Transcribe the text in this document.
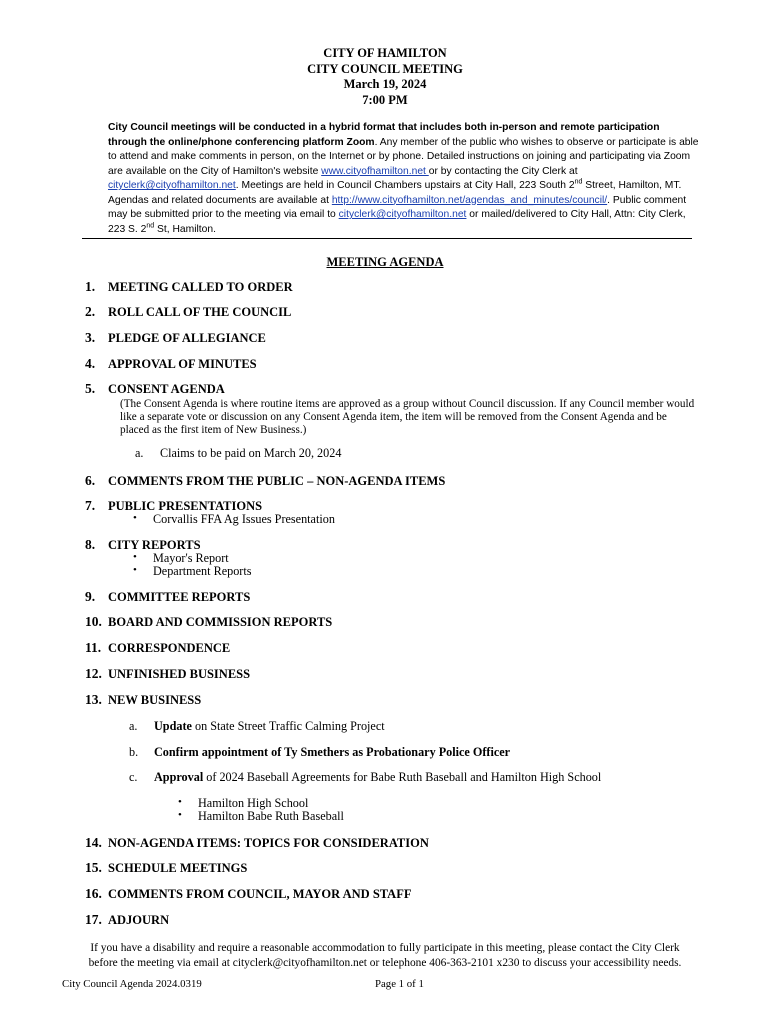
CITY OF HAMILTON
CITY COUNCIL MEETING
March 19, 2024
7:00 PM
City Council meetings will be conducted in a hybrid format that includes both in-person and remote participation through the online/phone conferencing platform Zoom. Any member of the public who wishes to observe or participate is able to attend and make comments in person, on the Internet or by phone. Detailed instructions on joining and participating via Zoom are available on the City of Hamilton's website www.cityofhamilton.net or by contacting the City Clerk at cityclerk@cityofhamilton.net. Meetings are held in Council Chambers upstairs at City Hall, 223 South 2nd Street, Hamilton, MT. Agendas and related documents are available at http://www.cityofhamilton.net/agendas_and_minutes/council/. Public comment may be submitted prior to the meeting via email to cityclerk@cityofhamilton.net or mailed/delivered to City Hall, Attn: City Clerk, 223 S. 2nd St, Hamilton.
MEETING AGENDA
1. MEETING CALLED TO ORDER
2. ROLL CALL OF THE COUNCIL
3. PLEDGE OF ALLEGIANCE
4. APPROVAL OF MINUTES
5. CONSENT AGENDA
(The Consent Agenda is where routine items are approved as a group without Council discussion. If any Council member would like a separate vote or discussion on any Consent Agenda item, the item will be removed from the Consent Agenda and be placed as the first item of New Business.)
a. Claims to be paid on March 20, 2024
6. COMMENTS FROM THE PUBLIC – NON-AGENDA ITEMS
7. PUBLIC PRESENTATIONS
• Corvallis FFA Ag Issues Presentation
8. CITY REPORTS
• Mayor's Report
• Department Reports
9. COMMITTEE REPORTS
10. BOARD AND COMMISSION REPORTS
11. CORRESPONDENCE
12. UNFINISHED BUSINESS
13. NEW BUSINESS
a. Update on State Street Traffic Calming Project
b. Confirm appointment of Ty Smethers as Probationary Police Officer
c. Approval of 2024 Baseball Agreements for Babe Ruth Baseball and Hamilton High School
• Hamilton High School
• Hamilton Babe Ruth Baseball
14. NON-AGENDA ITEMS: TOPICS FOR CONSIDERATION
15. SCHEDULE MEETINGS
16. COMMENTS FROM COUNCIL, MAYOR AND STAFF
17. ADJOURN
If you have a disability and require a reasonable accommodation to fully participate in this meeting, please contact the City Clerk
before the meeting via email at cityclerk@cityofhamilton.net or telephone 406-363-2101 x230 to discuss your accessibility needs.
City Council Agenda 2024.0319	Page 1 of 1
